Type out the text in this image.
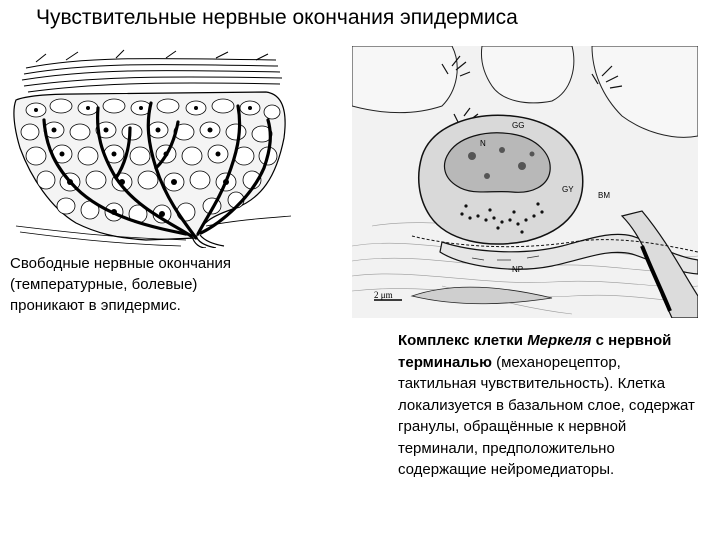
Чувствительные нервные окончания эпидермиса
N
GG
GY
BM
NP
2 μm
Свободные нервные окончания
(температурные, болевые)
проникают в эпидермис.
Комплекс клетки Меркеля с нервной терминалью (механорецептор, тактильная чувствительность). Клетка локализуется в базальном слое, содержат гранулы, обращённые к нервной терминали, предположительно содержащие нейромедиаторы.
